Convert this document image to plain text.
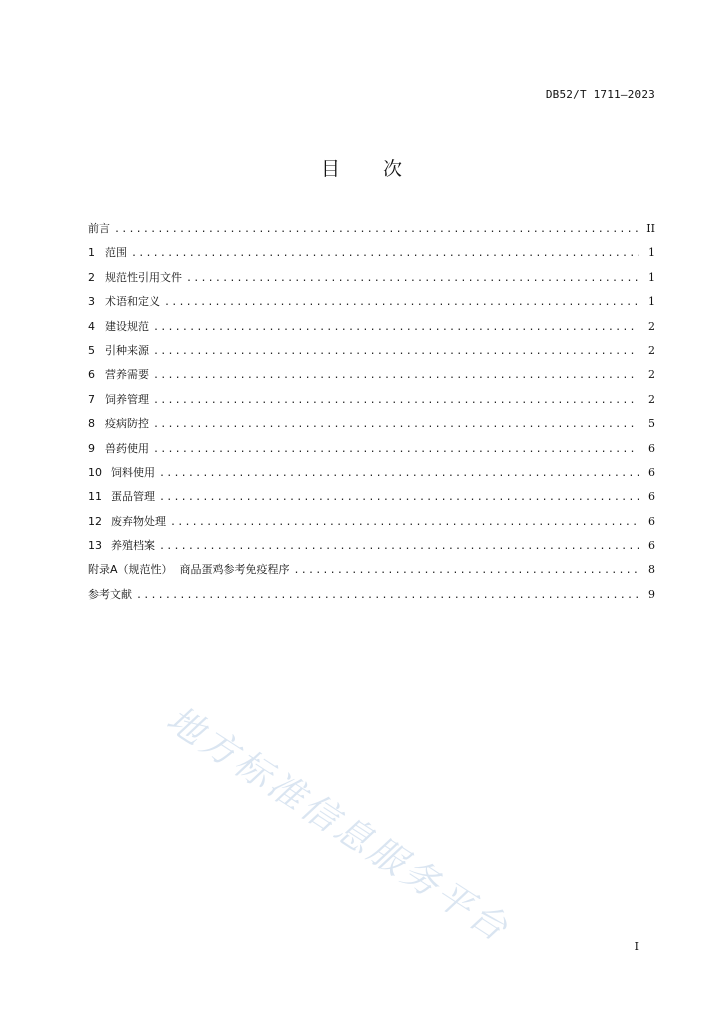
DB52/T 1711—2023
目 次
前言 .....	II
1 范围 .....	1
2 规范性引用文件 .....	1
3 术语和定义 .....	1
4 建设规范 .....	2
5 引种来源 .....	2
6 营养需要 .....	2
7 饲养管理 .....	2
8 疫病防控 .....	5
9 兽药使用 .....	6
10 饲料使用 .....	6
11 蛋品管理 .....	6
12 废弃物处理 .....	6
13 养殖档案 .....	6
附录A（规范性）  商品蛋鸡参考免疫程序 .....	8
参考文献 .....	9
地方标准信息服务平台	I
